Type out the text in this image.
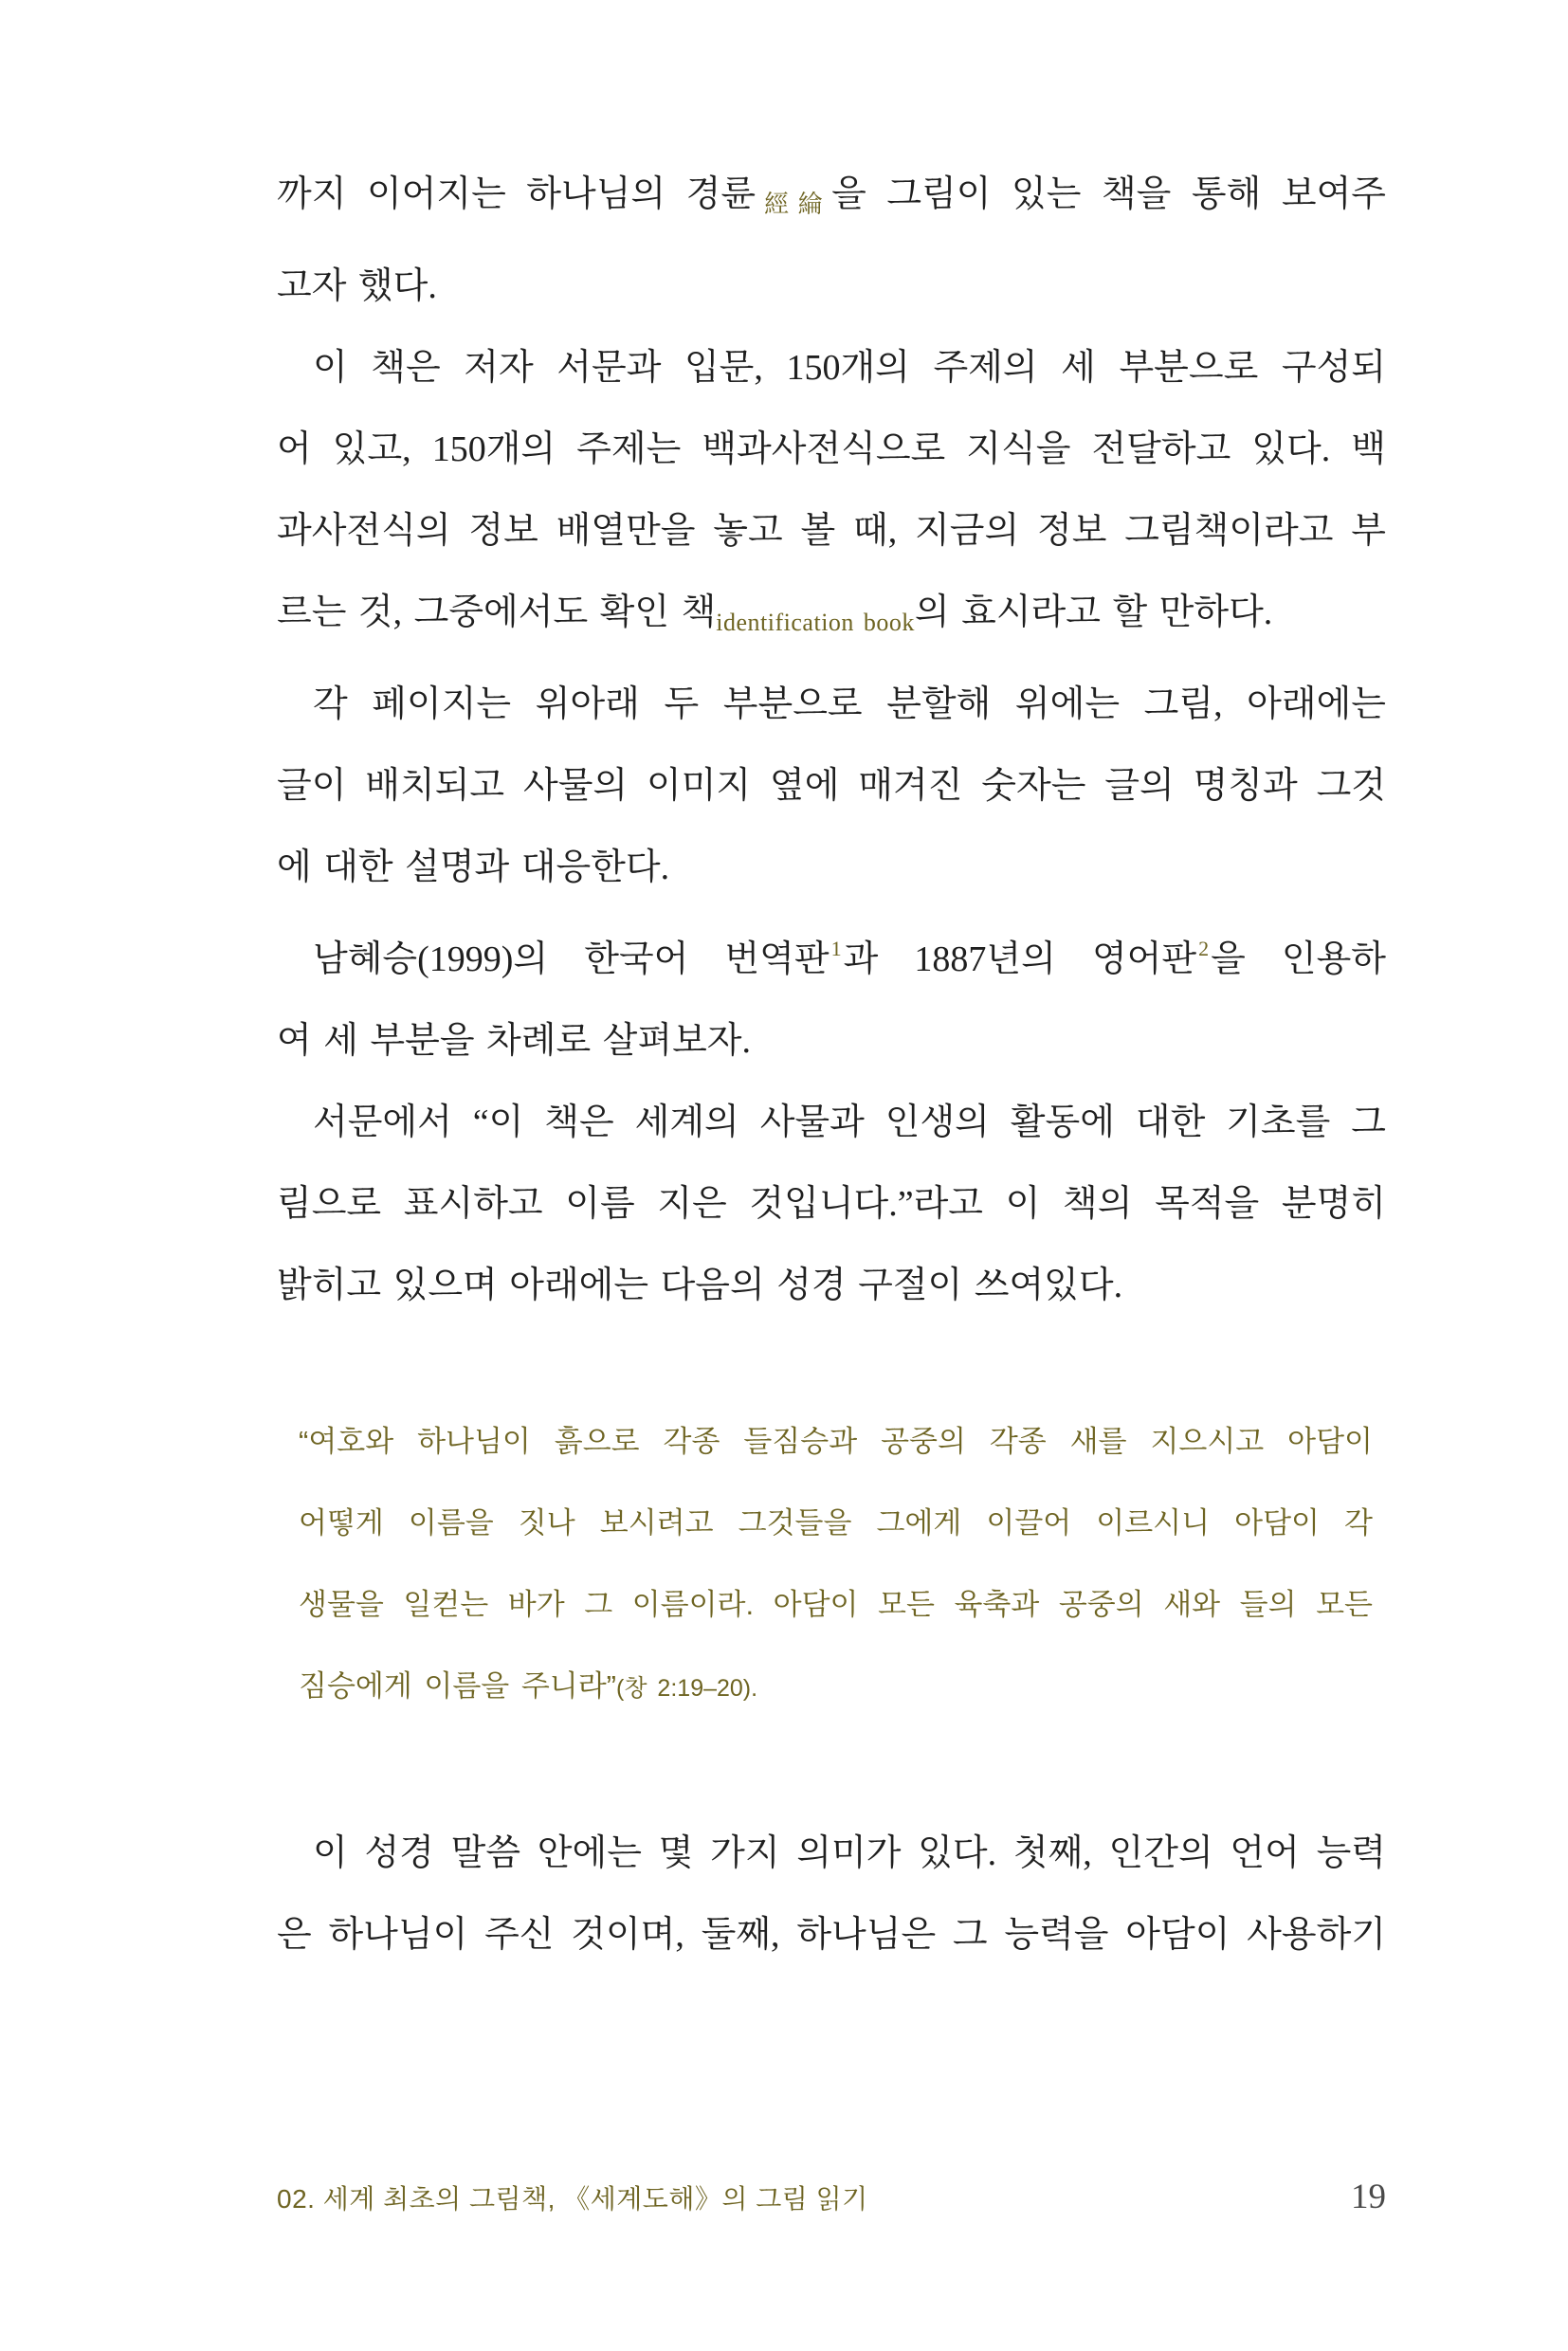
까지 이어지는 하나님의 경륜經綸을 그림이 있는 책을 통해 보여주
고자 했다.
이 책은 저자 서문과 입문, 150개의 주제의 세 부분으로 구성되
어 있고, 150개의 주제는 백과사전식으로 지식을 전달하고 있다. 백
과사전식의 정보 배열만을 놓고 볼 때, 지금의 정보 그림책이라고 부
르는 것, 그중에서도 확인 책identification book의 효시라고 할 만하다.
각 페이지는 위아래 두 부분으로 분할해 위에는 그림, 아래에는
글이 배치되고 사물의 이미지 옆에 매겨진 숫자는 글의 명칭과 그것
에 대한 설명과 대응한다.
남혜승(1999)의 한국어 번역판$^1$과 1887년의 영어판$^2$을 인용하
여 세 부분을 차례로 살펴보자.
서문에서 “이 책은 세계의 사물과 인생의 활동에 대한 기초를 그
림으로 표시하고 이름 지은 것입니다.”라고 이 책의 목적을 분명히
밝히고 있으며 아래에는 다음의 성경 구절이 쓰여있다.
“여호와 하나님이 흙으로 각종 들짐승과 공중의 각종 새를 지으시고 아담이
어떻게 이름을 짓나 보시려고 그것들을 그에게 이끌어 이르시니 아담이 각
생물을 일컫는 바가 그 이름이라. 아담이 모든 육축과 공중의 새와 들의 모든
짐승에게 이름을 주니라”(창 2:19–20).
이 성경 말씀 안에는 몇 가지 의미가 있다. 첫째, 인간의 언어 능력
은 하나님이 주신 것이며, 둘째, 하나님은 그 능력을 아담이 사용하기
02. 세계 최초의 그림책, 《세계도해》의 그림 읽기	19
